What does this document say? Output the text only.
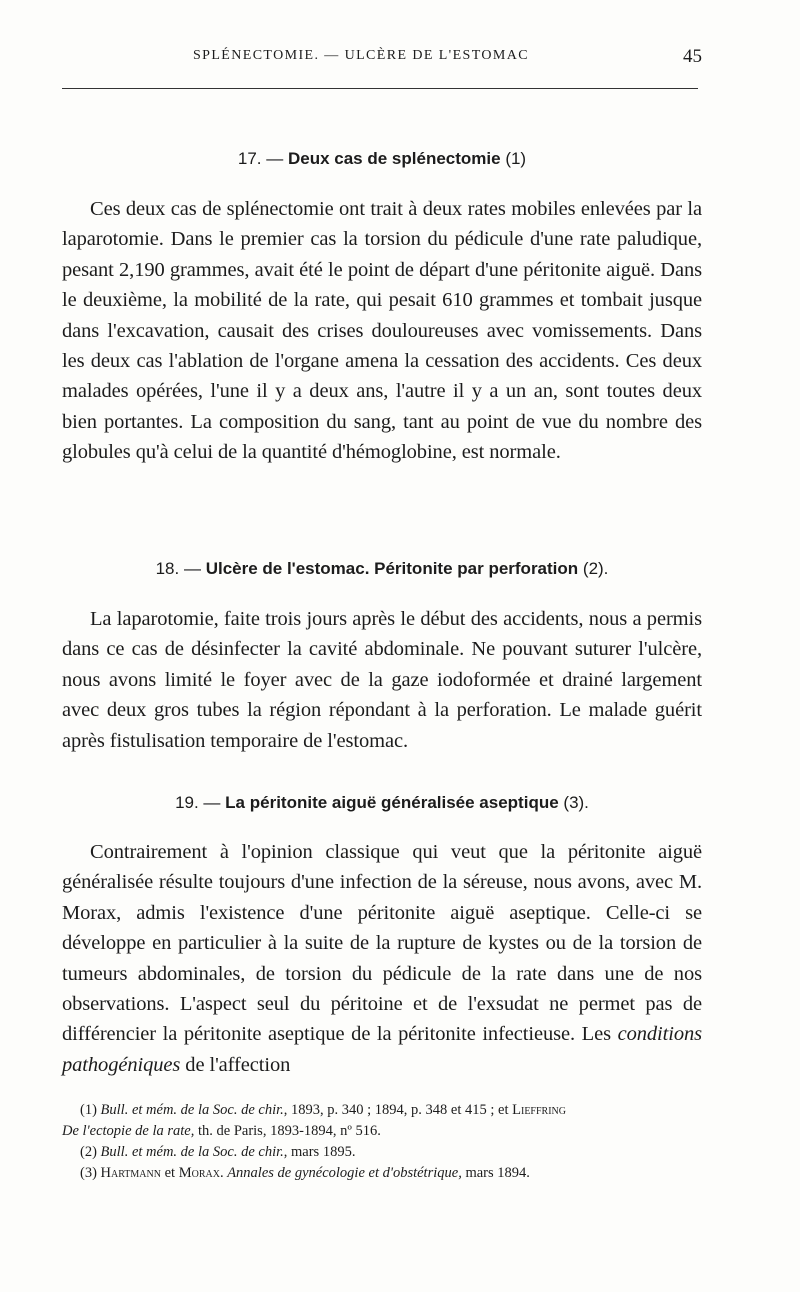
SPLÉNECTOMIE. — ULCÈRE DE L'ESTOMAC	45
17. — Deux cas de splénectomie (1)

Ces deux cas de splénectomie ont trait à deux rates mobiles enlevées par la laparotomie. Dans le premier cas la torsion du pédicule d'une rate paludique, pesant 2,190 grammes, avait été le point de départ d'une péritonite aiguë. Dans le deuxième, la mobilité de la rate, qui pesait 610 grammes et tombait jusque dans l'excavation, causait des crises douloureuses avec vomissements. Dans les deux cas l'ablation de l'organe amena la cessation des accidents. Ces deux malades opérées, l'une il y a deux ans, l'autre il y a un an, sont toutes deux bien portantes. La composition du sang, tant au point de vue du nombre des globules qu'à celui de la quantité d'hémoglobine, est normale.

18. — Ulcère de l'estomac. Péritonite par perforation (2).

La laparotomie, faite trois jours après le début des accidents, nous a permis dans ce cas de désinfecter la cavité abdominale. Ne pouvant suturer l'ulcère, nous avons limité le foyer avec de la gaze iodoformée et drainé largement avec deux gros tubes la région répondant à la perforation. Le malade guérit après fistulisation temporaire de l'estomac.

19. — La péritonite aiguë généralisée aseptique (3).

Contrairement à l'opinion classique qui veut que la péritonite aiguë généralisée résulte toujours d'une infection de la séreuse, nous avons, avec M. Morax, admis l'existence d'une péritonite aiguë aseptique. Celle-ci se développe en particulier à la suite de la rupture de kystes ou de la torsion de tumeurs abdominales, de torsion du pédicule de la rate dans une de nos observations. L'aspect seul du péritoine et de l'exsudat ne permet pas de différencier la péritonite aseptique de la péritonite infectieuse. Les conditions pathogéniques de l'affection

(1) Bull. et mém. de la Soc. de chir., 1893, p. 340 ; 1894, p. 348 et 415 ; et Lieffring
De l'ectopie de la rate, th. de Paris, 1893-1894, nº 516.

(2) Bull. et mém. de la Soc. de chir., mars 1895.

(3) Hartmann et Morax. Annales de gynécologie et d'obstétrique, mars 1894.
